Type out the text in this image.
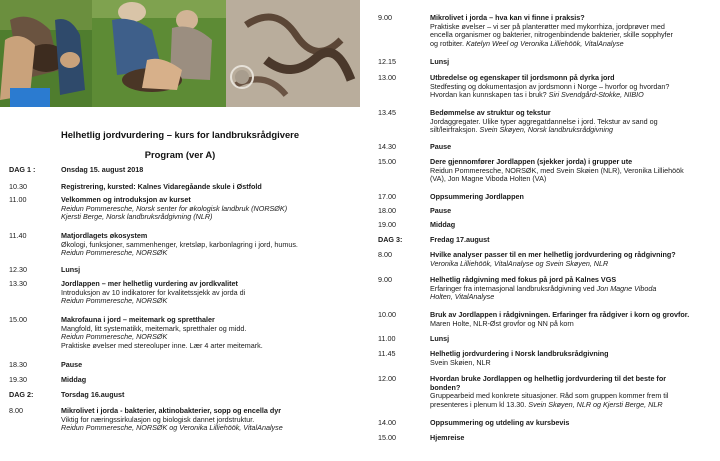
Helhetlig jordvurdering – kurs for landbruksrådgivere
Program (ver A)
DAG 1 :	Onsdag 15. august 2018
10.30	Registrering, kursted: Kalnes Vidaregåande skule i Østfold
11.00	Velkommen og introduksjon av kurset
Reidun Pommeresche, Norsk senter for økologisk landbruk (NORSØK)
Kjersti Berge, Norsk landbruksrådgivning (NLR)
11.40	Matjordlagets økosystem
Økologi, funksjoner, sammenhenger, kretsløp, karbonlagring i jord, humus.
Reidun Pommeresche, NORSØK
12.30	Lunsj
13.30	Jordlappen – mer helhetlig vurdering av jordkvalitet
Introduksjon av 10 indikatorer for kvalitetssjekk av jorda di
Reidun Pommeresche, NORSØK
15.00	Makrofauna i jord – meitemark og spretthaler
Mangfold, litt systematikk, meitemark, spretthaler og midd.
Reidun Pommeresche, NORSØK
Praktiske øvelser med stereoluper inne. Lær 4 arter meitemark.
18.30	Pause
19.30	Middag
DAG 2:	Torsdag 16.august
8.00	Mikrolivet i jorda - bakterier, aktinobakterier, sopp og encella dyr
Viktig for næringssirkulasjon og biologisk dannet jordstruktur.
Reidun Pommeresche, NORSØK og Veronika Lilliehöök, VitalAnalyse
9.00	Mikrolivet i jorda – hva kan vi finne i praksis?
Praktiske øvelser – vi ser på planterøtter med mykorrhiza, jordprøver med
encella organismer og bakterier, nitrogenbindende bakterier, skille sopphyfer
og rotbiter. Katelyn Weel og Veronika Lilliehöök, VitalAnalyse
12.15	Lunsj
13.00	Utbredelse og egenskaper til jordsmonn på dyrka jord
Stedfesting og dokumentasjon av jordsmonn i Norge – hvorfor og hvordan?
Hvordan kan kunnskapen tas i bruk? Siri Svendgård-Stokke, NIBIO
13.45	Bedømmelse av struktur og tekstur
Jordaggregater. Ulike typer aggregatdannelse i jord. Tekstur av sand og
silt/leirfraksjon. Svein Skøyen, Norsk landbruksrådgivning
14.30	Pause
15.00	Dere gjennomfører Jordlappen (sjekker jorda) i grupper ute
Reidun Pommeresche, NORSØK, med Svein Skøien (NLR), Veronika Lilliehöök
(VA), Jon Magne Viboda Holten (VA)
17.00	Oppsummering Jordlappen
18.00	Pause
19.00	Middag
DAG 3:	Fredag 17.august
8.00	Hvilke analyser passer til en mer helhetlig jordvurdering og rådgivning?
Veronika Lilliehöök, VitalAnalyse og Svein Skøyen, NLR
9.00	Helhetlig rådgivning med fokus på jord på Kalnes VGS
Erfaringer fra internasjonal landbruksrådgivning ved Jon Magne Viboda
Holten, VitalAnalyse
10.00	Bruk av Jordlappen i rådgivningen. Erfaringer fra rådgiver i korn og grovfor.
Maren Holte, NLR-Øst grovfor og NN på korn
11.00	Lunsj
11.45	Helhetlig jordvurdering i Norsk landbruksrådgivning
Svein Skøien, NLR
12.00	Hvordan bruke Jordlappen og helhetlig jordvurdering til det beste for
bonden?
Gruppearbeid med konkrete situasjoner. Råd som gruppen kommer frem til
presenteres i plenum kl 13.30. Svein Skøyen, NLR og Kjersti Berge, NLR
14.00	Oppsummering og utdeling av kursbevis
15.00	Hjemreise
